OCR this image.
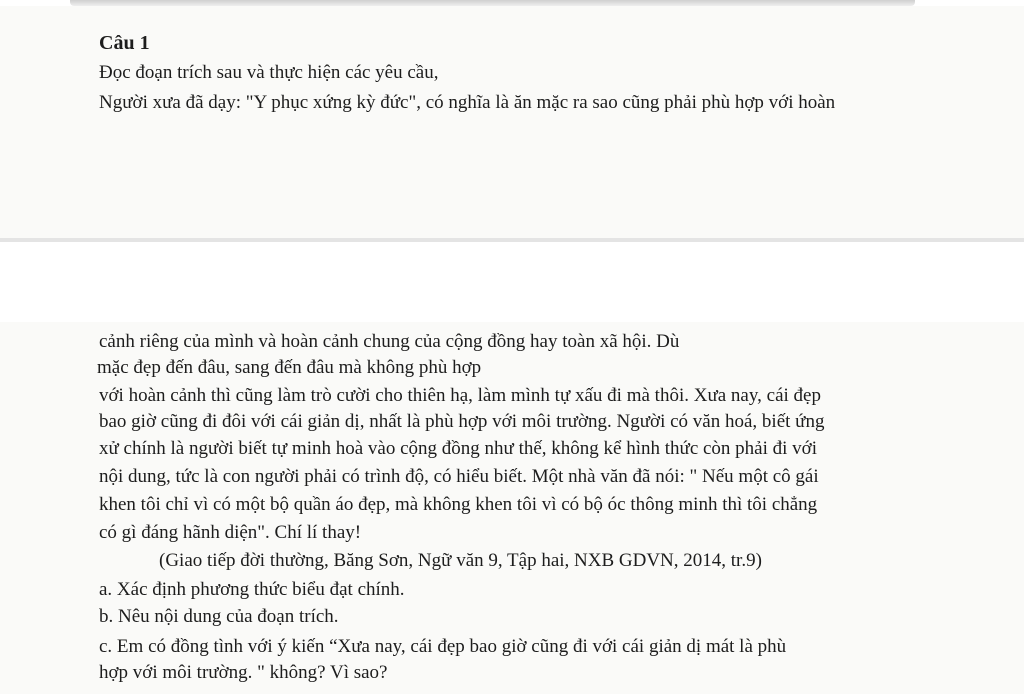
Câu 1
Đọc đoạn trích sau và thực hiện các yêu cầu,
Người xưa đã dạy: "Y phục xứng kỳ đức", có nghĩa là ăn mặc ra sao cũng phải phù hợp với hoàn
cảnh riêng của mình và hoàn cảnh chung của cộng đồng hay toàn xã hội. Dù
mặc đẹp đến đâu, sang đến đâu mà không phù hợp
với hoàn cảnh thì cũng làm trò cười cho thiên hạ, làm mình tự xấu đi mà thôi. Xưa nay, cái đẹp
bao giờ cũng đi đôi với cái giản dị, nhất là phù hợp với môi trường. Người có văn hoá, biết ứng
xử chính là người biết tự minh hoà vào cộng đồng như thế, không kể hình thức còn phải đi với
nội dung, tức là con người phải có trình độ, có hiểu biết. Một nhà văn đã nói: " Nếu một cô gái
khen tôi chỉ vì có một bộ quần áo đẹp, mà không khen tôi vì có bộ óc thông minh thì tôi chẳng
có gì đáng hãnh diện". Chí lí thay!
(Giao tiếp đời thường, Băng Sơn, Ngữ văn 9, Tập hai, NXB GDVN, 2014, tr.9)
a. Xác định phương thức biểu đạt chính.
b. Nêu nội dung của đoạn trích.
c. Em có đồng tình với ý kiến “Xưa nay, cái đẹp bao giờ cũng đi với cái giản dị mát là phù
hợp với môi trường. " không? Vì sao?
